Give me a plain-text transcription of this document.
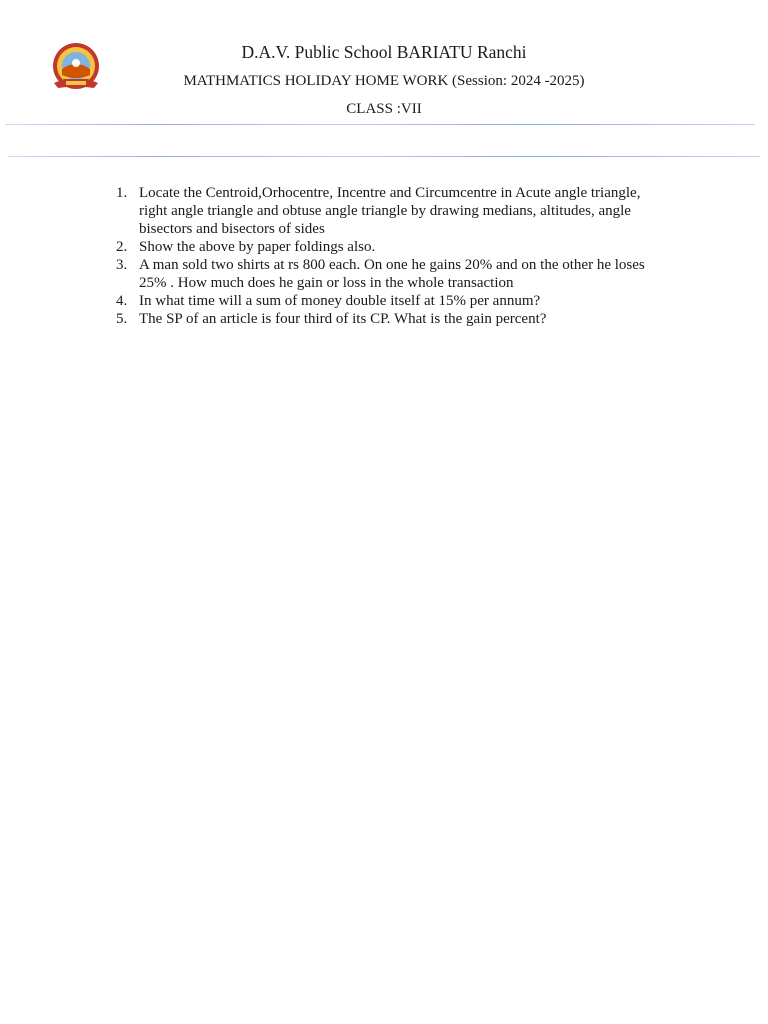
D.A.V. Public School BARIATU Ranchi
MATHMATICS HOLIDAY HOME WORK (Session: 2024 -2025)
CLASS :VII
1. Locate the Centroid,Orhocentre, Incentre and Circumcentre in Acute angle triangle, right angle triangle and obtuse angle triangle by drawing medians, altitudes, angle bisectors and bisectors of sides
2. Show the above by paper foldings also.
3. A man sold two shirts at rs 800 each. On one he gains 20% and on the other he loses 25% . How much does he gain or loss in the whole transaction
4. In what time will a sum of money double itself at 15% per annum?
5. The SP of an article is four third of its CP. What is the gain percent?
